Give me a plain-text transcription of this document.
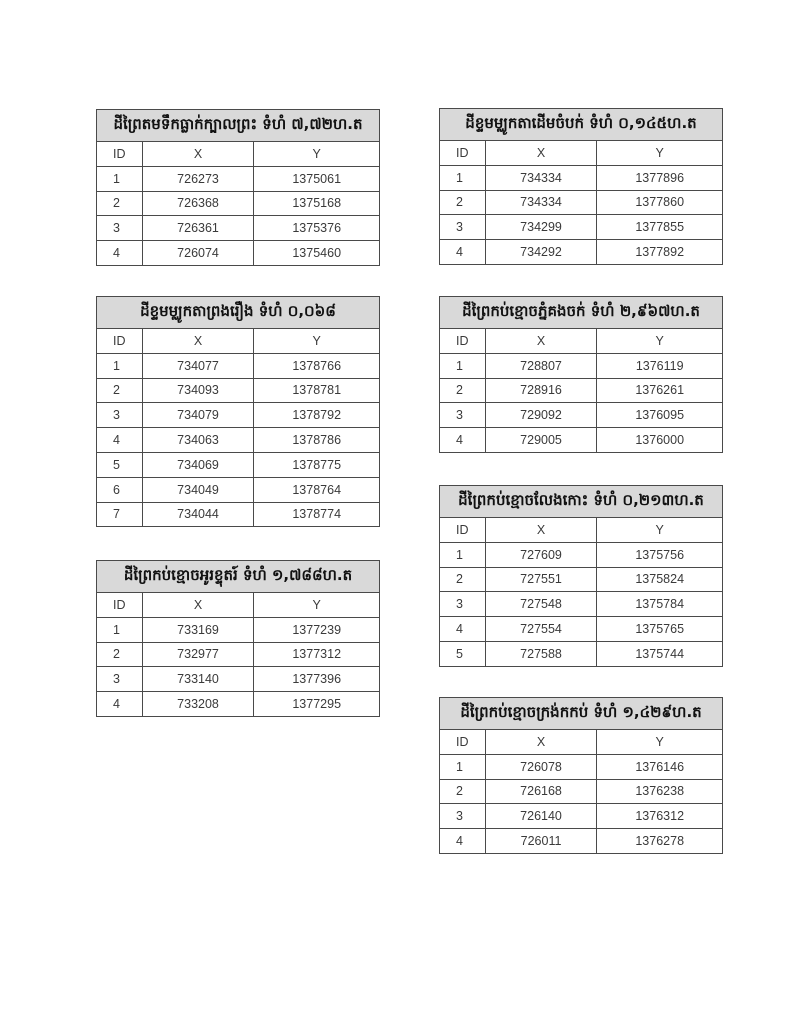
ដីព្រៃតមទឹកធ្លាក់ក្បាលព្រះ ទំហំ ៧,៧២ហ.ត		
ID	X	Y
1	726273	1375061
2	726368	1375168
3	726361	1375376
4	726074	1375460
ដីខ្ទមម្ឈូកតាដើមចំបក់ ទំហំ ០,១៤៥ហ.ត		
ID	X	Y
1	734334	1377896
2	734334	1377860
3	734299	1377855
4	734292	1377892
ដីខ្ទមម្ឈូកតាព្រងរឿង ទំហំ ០,០៦៨		
ID	X	Y
1	734077	1378766
2	734093	1378781
3	734079	1378792
4	734063	1378786
5	734069	1378775
6	734049	1378764
7	734044	1378774
ដីព្រៃកប់ខ្មោចភ្នំគងចក់ ទំហំ ២,៩៦៧ហ.ត		
ID	X	Y
1	728807	1376119
2	728916	1376261
3	729092	1376095
4	729005	1376000
ដីព្រៃកប់ខ្មោចអូរខ្ទុតរ៍ ទំហំ ១,៧៨៨ហ.ត		
ID	X	Y
1	733169	1377239
2	732977	1377312
3	733140	1377396
4	733208	1377295
ដីព្រៃកប់ខ្មោចលែងកោះ ទំហំ ០,២១៣ហ.ត		
ID	X	Y
1	727609	1375756
2	727551	1375824
3	727548	1375784
4	727554	1375765
5	727588	1375744
ដីព្រៃកប់ខ្មោចក្រង់កកប់ ទំហំ ១,៤២៩ហ.ត		
ID	X	Y
1	726078	1376146
2	726168	1376238
3	726140	1376312
4	726011	1376278
